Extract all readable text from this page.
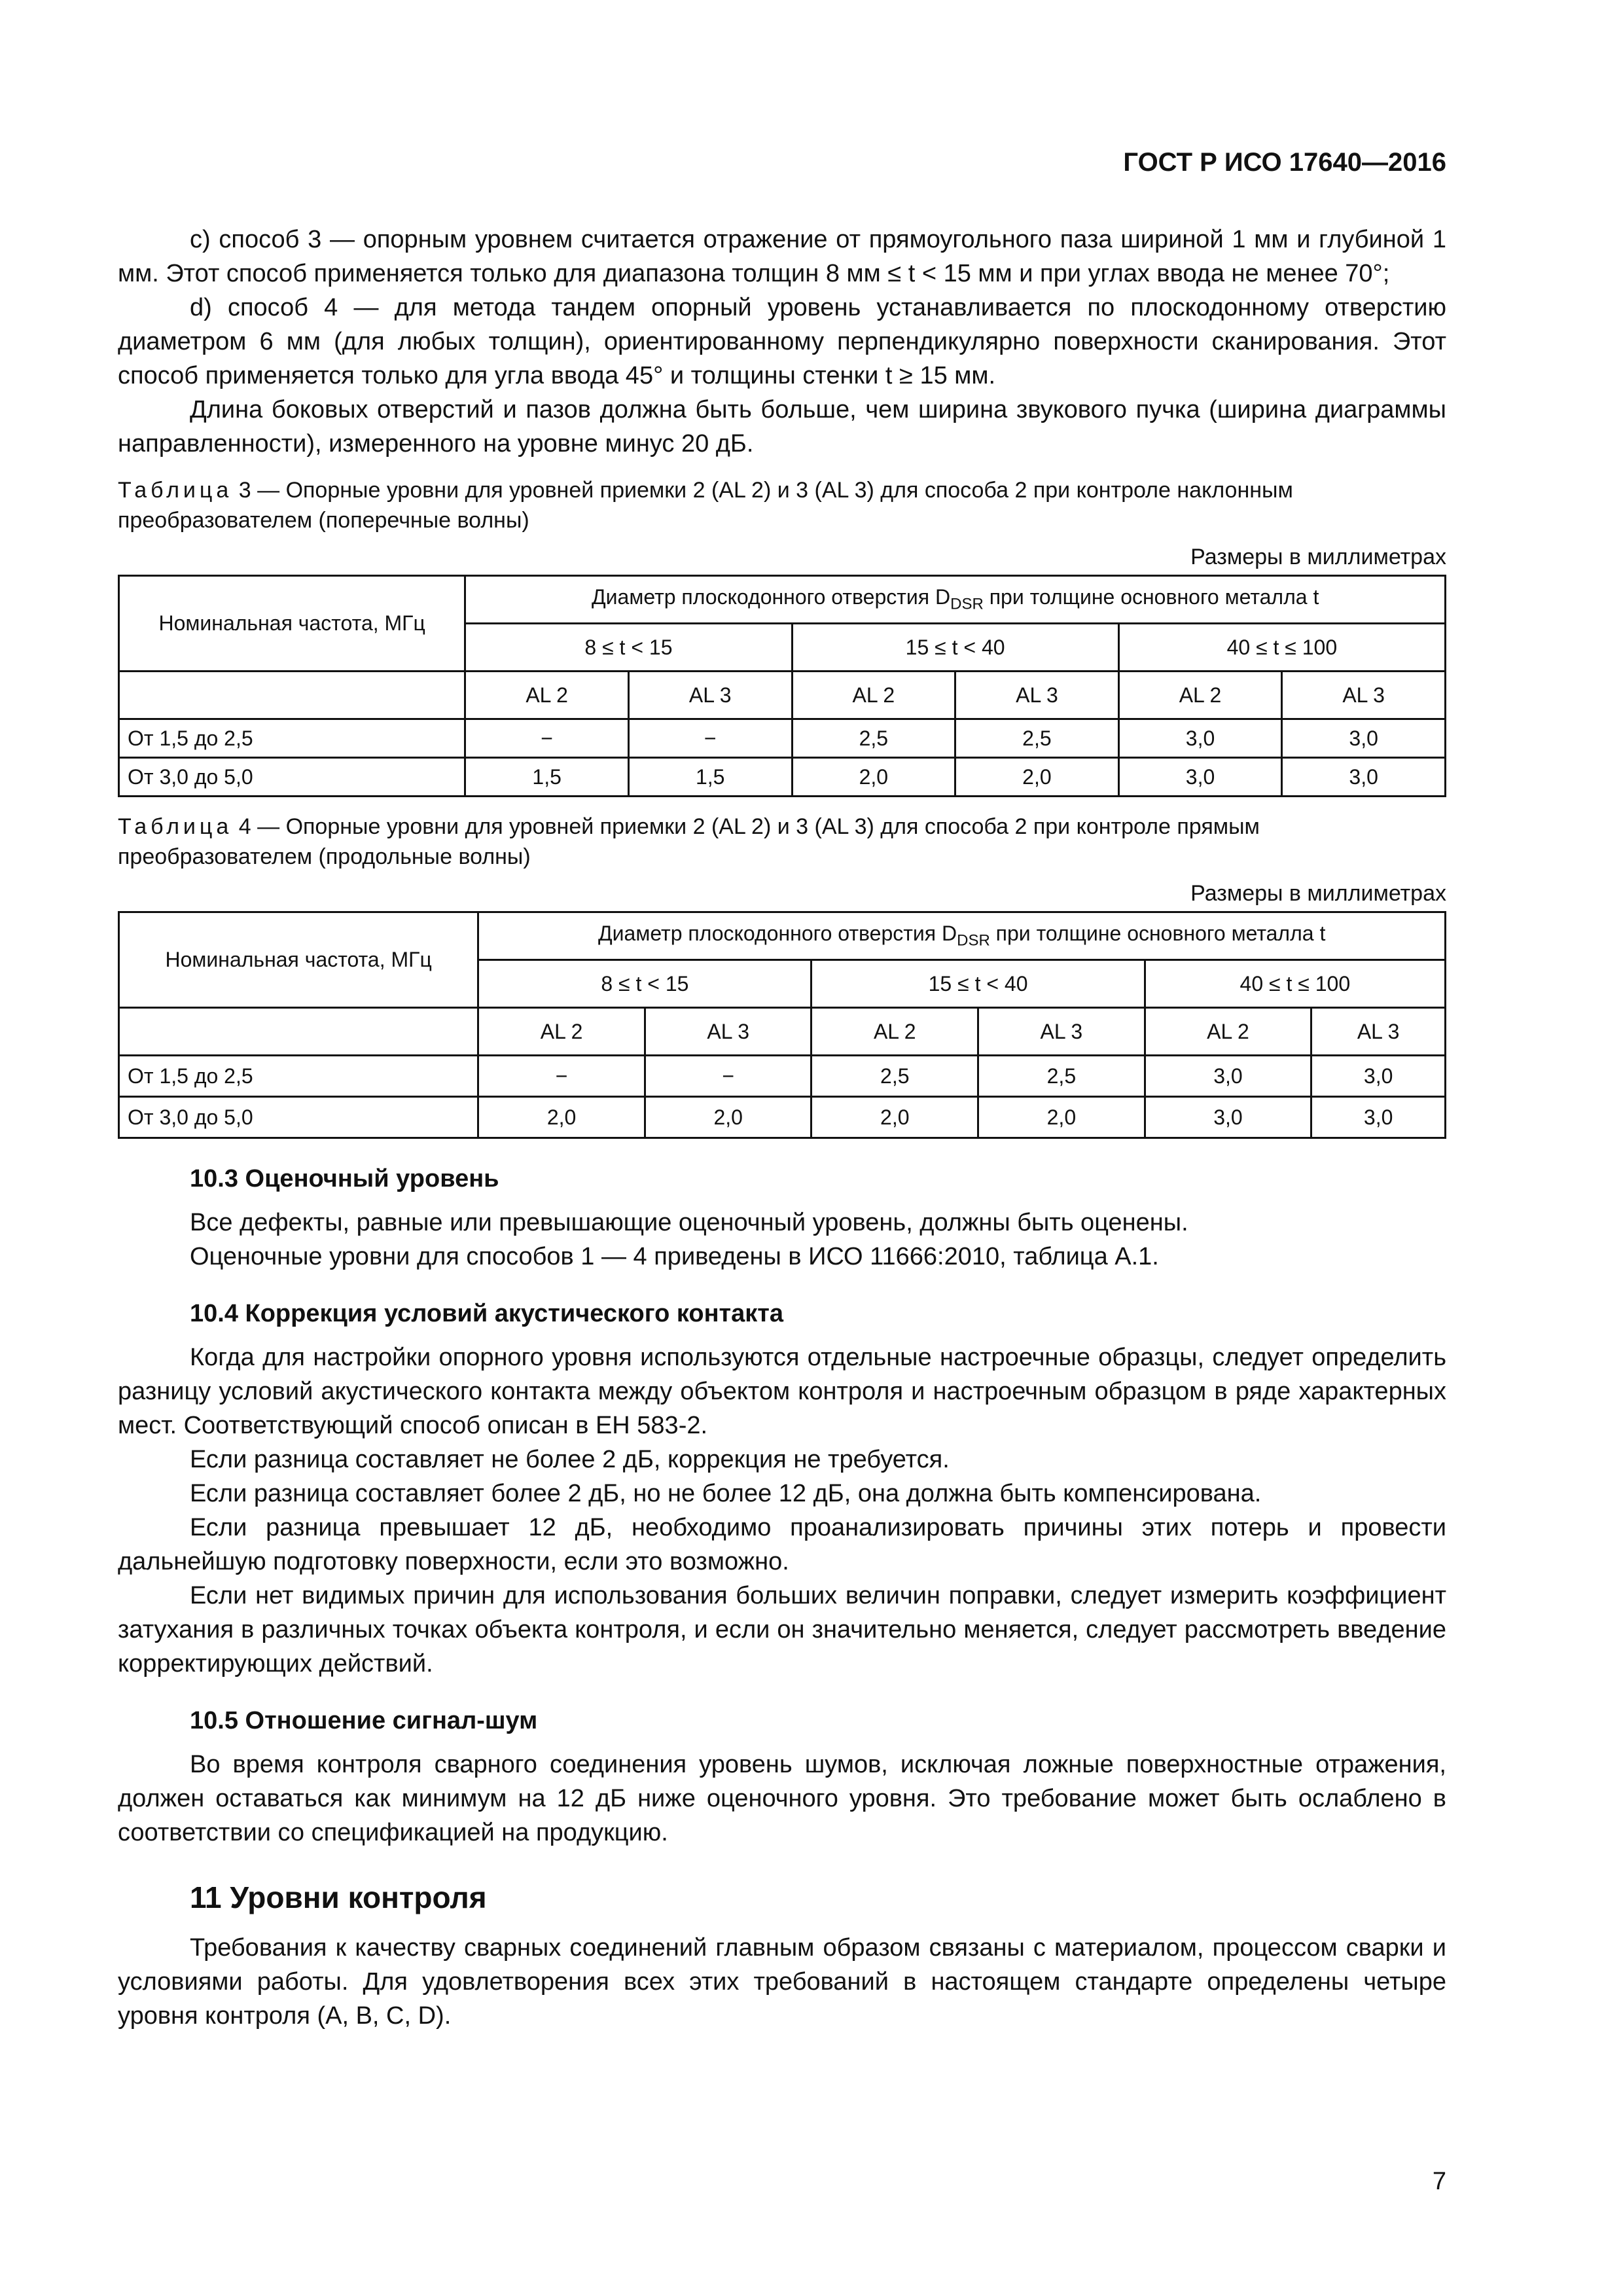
ГОСТ Р ИСО 17640—2016

c) способ 3 — опорным уровнем считается отражение от прямоугольного паза шириной 1 мм и глубиной 1 мм. Этот способ применяется только для диапазона толщин 8 мм ≤ t < 15 мм и при углах ввода не менее 70°;

d) способ 4 — для метода тандем опорный уровень устанавливается по плоскодонному отверстию диаметром 6 мм (для любых толщин), ориентированному перпендикулярно поверхности сканирования. Этот способ применяется только для угла ввода 45° и толщины стенки t ≥ 15 мм.

Длина боковых отверстий и пазов должна быть больше, чем ширина звукового пучка (ширина диаграммы направленности), измеренного на уровне минус 20 дБ.

Таблица 3 — Опорные уровни для уровней приемки 2 (AL 2) и 3 (AL 3) для способа 2 при контроле наклонным преобразователем (поперечные волны)
Размеры в миллиметрах
Номинальная частота, МГц	Диаметр плоскодонного отверстия $D_{DSR}$ при толщине основного металла t					
	8 ≤ t < 15		15 ≤ t < 40		40 ≤ t ≤ 100	
	AL 2	AL 3	AL 2	AL 3	AL 2	AL 3
От 1,5 до 2,5	−	−	2,5	2,5	3,0	3,0
От 3,0 до 5,0	1,5	1,5	2,0	2,0	3,0	3,0
Таблица 4 — Опорные уровни для уровней приемки 2 (AL 2) и 3 (AL 3) для способа 2 при контроле прямым преобразователем (продольные волны)
Размеры в миллиметрах
Номинальная частота, МГц	Диаметр плоскодонного отверстия $D_{DSR}$ при толщине основного металла t					
	8 ≤ t < 15		15 ≤ t < 40		40 ≤ t ≤ 100	
	AL 2	AL 3	AL 2	AL 3	AL 2	AL 3
От 1,5 до 2,5	−	−	2,5	2,5	3,0	3,0
От 3,0 до 5,0	2,0	2,0	2,0	2,0	3,0	3,0
10.3 Оценочный уровень

Все дефекты, равные или превышающие оценочный уровень, должны быть оценены.

Оценочные уровни для способов 1 — 4 приведены в ИСО 11666:2010, таблица А.1.

10.4 Коррекция условий акустического контакта

Когда для настройки опорного уровня используются отдельные настроечные образцы, следует определить разницу условий акустического контакта между объектом контроля и настроечным образцом в ряде характерных мест. Соответствующий способ описан в ЕН 583-2.

Если разница составляет не более 2 дБ, коррекция не требуется.

Если разница составляет более 2 дБ, но не более 12 дБ, она должна быть компенсирована.

Если разница превышает 12 дБ, необходимо проанализировать причины этих потерь и провести дальнейшую подготовку поверхности, если это возможно.

Если нет видимых причин для использования больших величин поправки, следует измерить коэффициент затухания в различных точках объекта контроля, и если он значительно меняется, следует рассмотреть введение корректирующих действий.

10.5 Отношение сигнал-шум

Во время контроля сварного соединения уровень шумов, исключая ложные поверхностные отражения, должен оставаться как минимум на 12 дБ ниже оценочного уровня. Это требование может быть ослаблено в соответствии со спецификацией на продукцию.

11 Уровни контроля

Требования к качеству сварных соединений главным образом связаны с материалом, процессом сварки и условиями работы. Для удовлетворения всех этих требований в настоящем стандарте определены четыре уровня контроля (А, В, С, D).

7
